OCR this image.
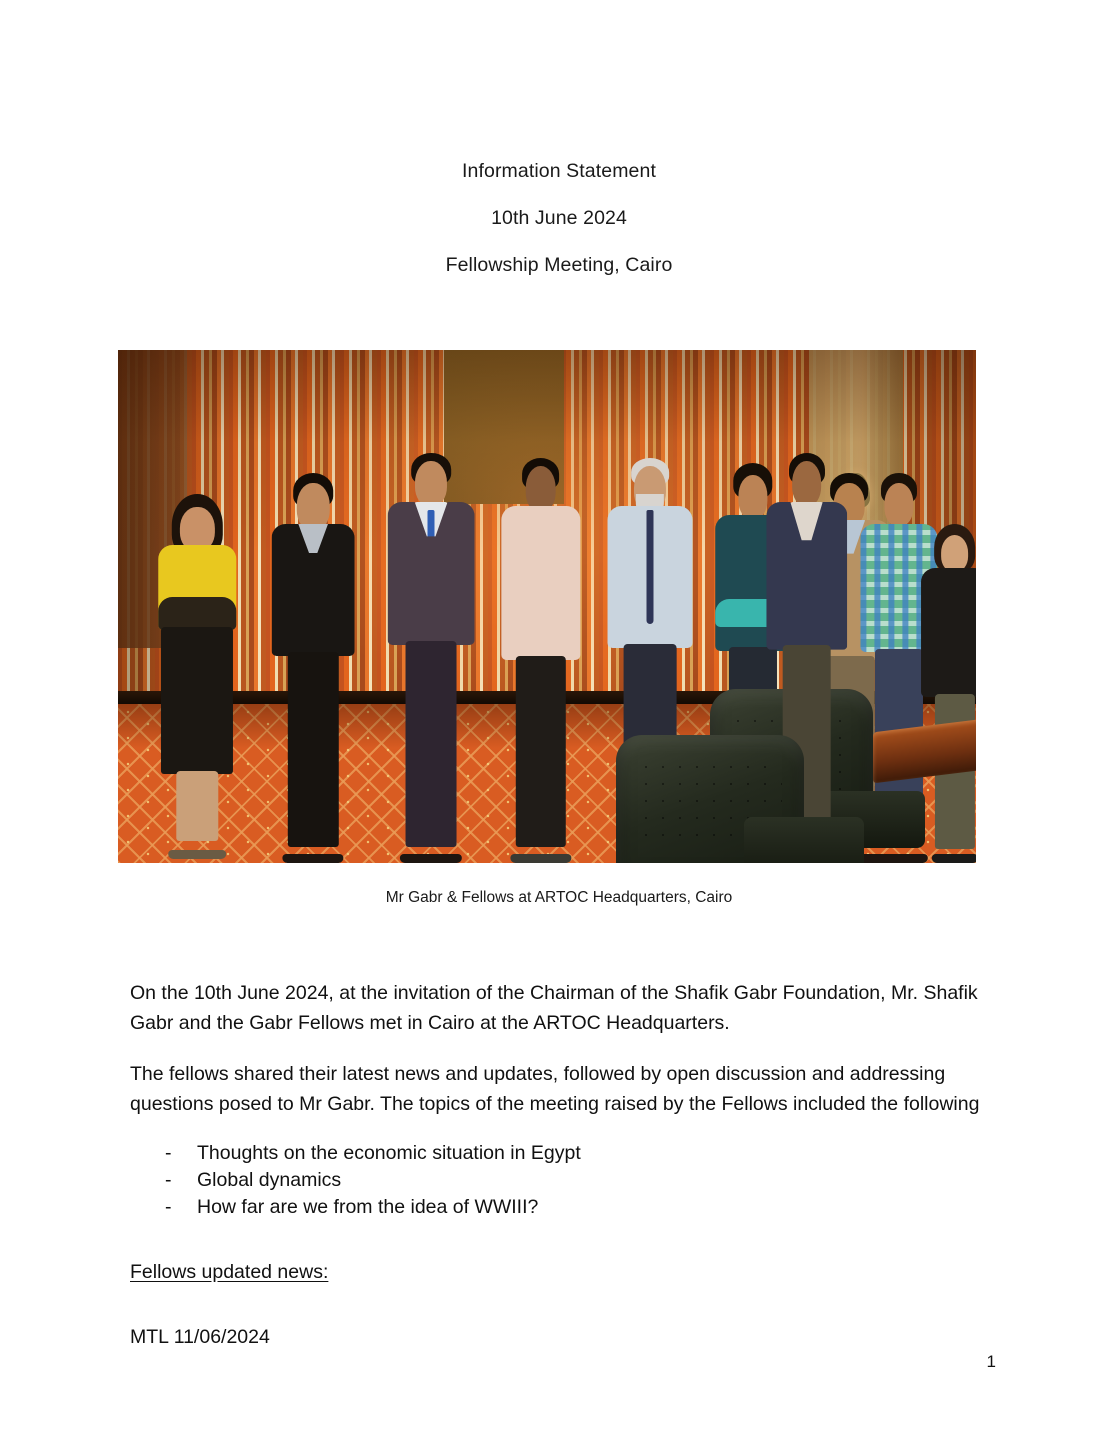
Information Statement
10th June 2024
Fellowship Meeting, Cairo
Mr Gabr & Fellows at ARTOC Headquarters, Cairo

On the 10th June 2024, at the invitation of the Chairman of the Shafik Gabr Foundation, Mr. Shafik Gabr and the Gabr Fellows met in Cairo at the ARTOC Headquarters.

The fellows shared their latest news and updates, followed by open discussion and addressing questions posed to Mr Gabr. The topics of the meeting raised by the Fellows included the following

- Thoughts on the economic situation in Egypt
- Global dynamics
- How far are we from the idea of WWIII?
Fellows updated news:
MTL 11/06/2024
1
